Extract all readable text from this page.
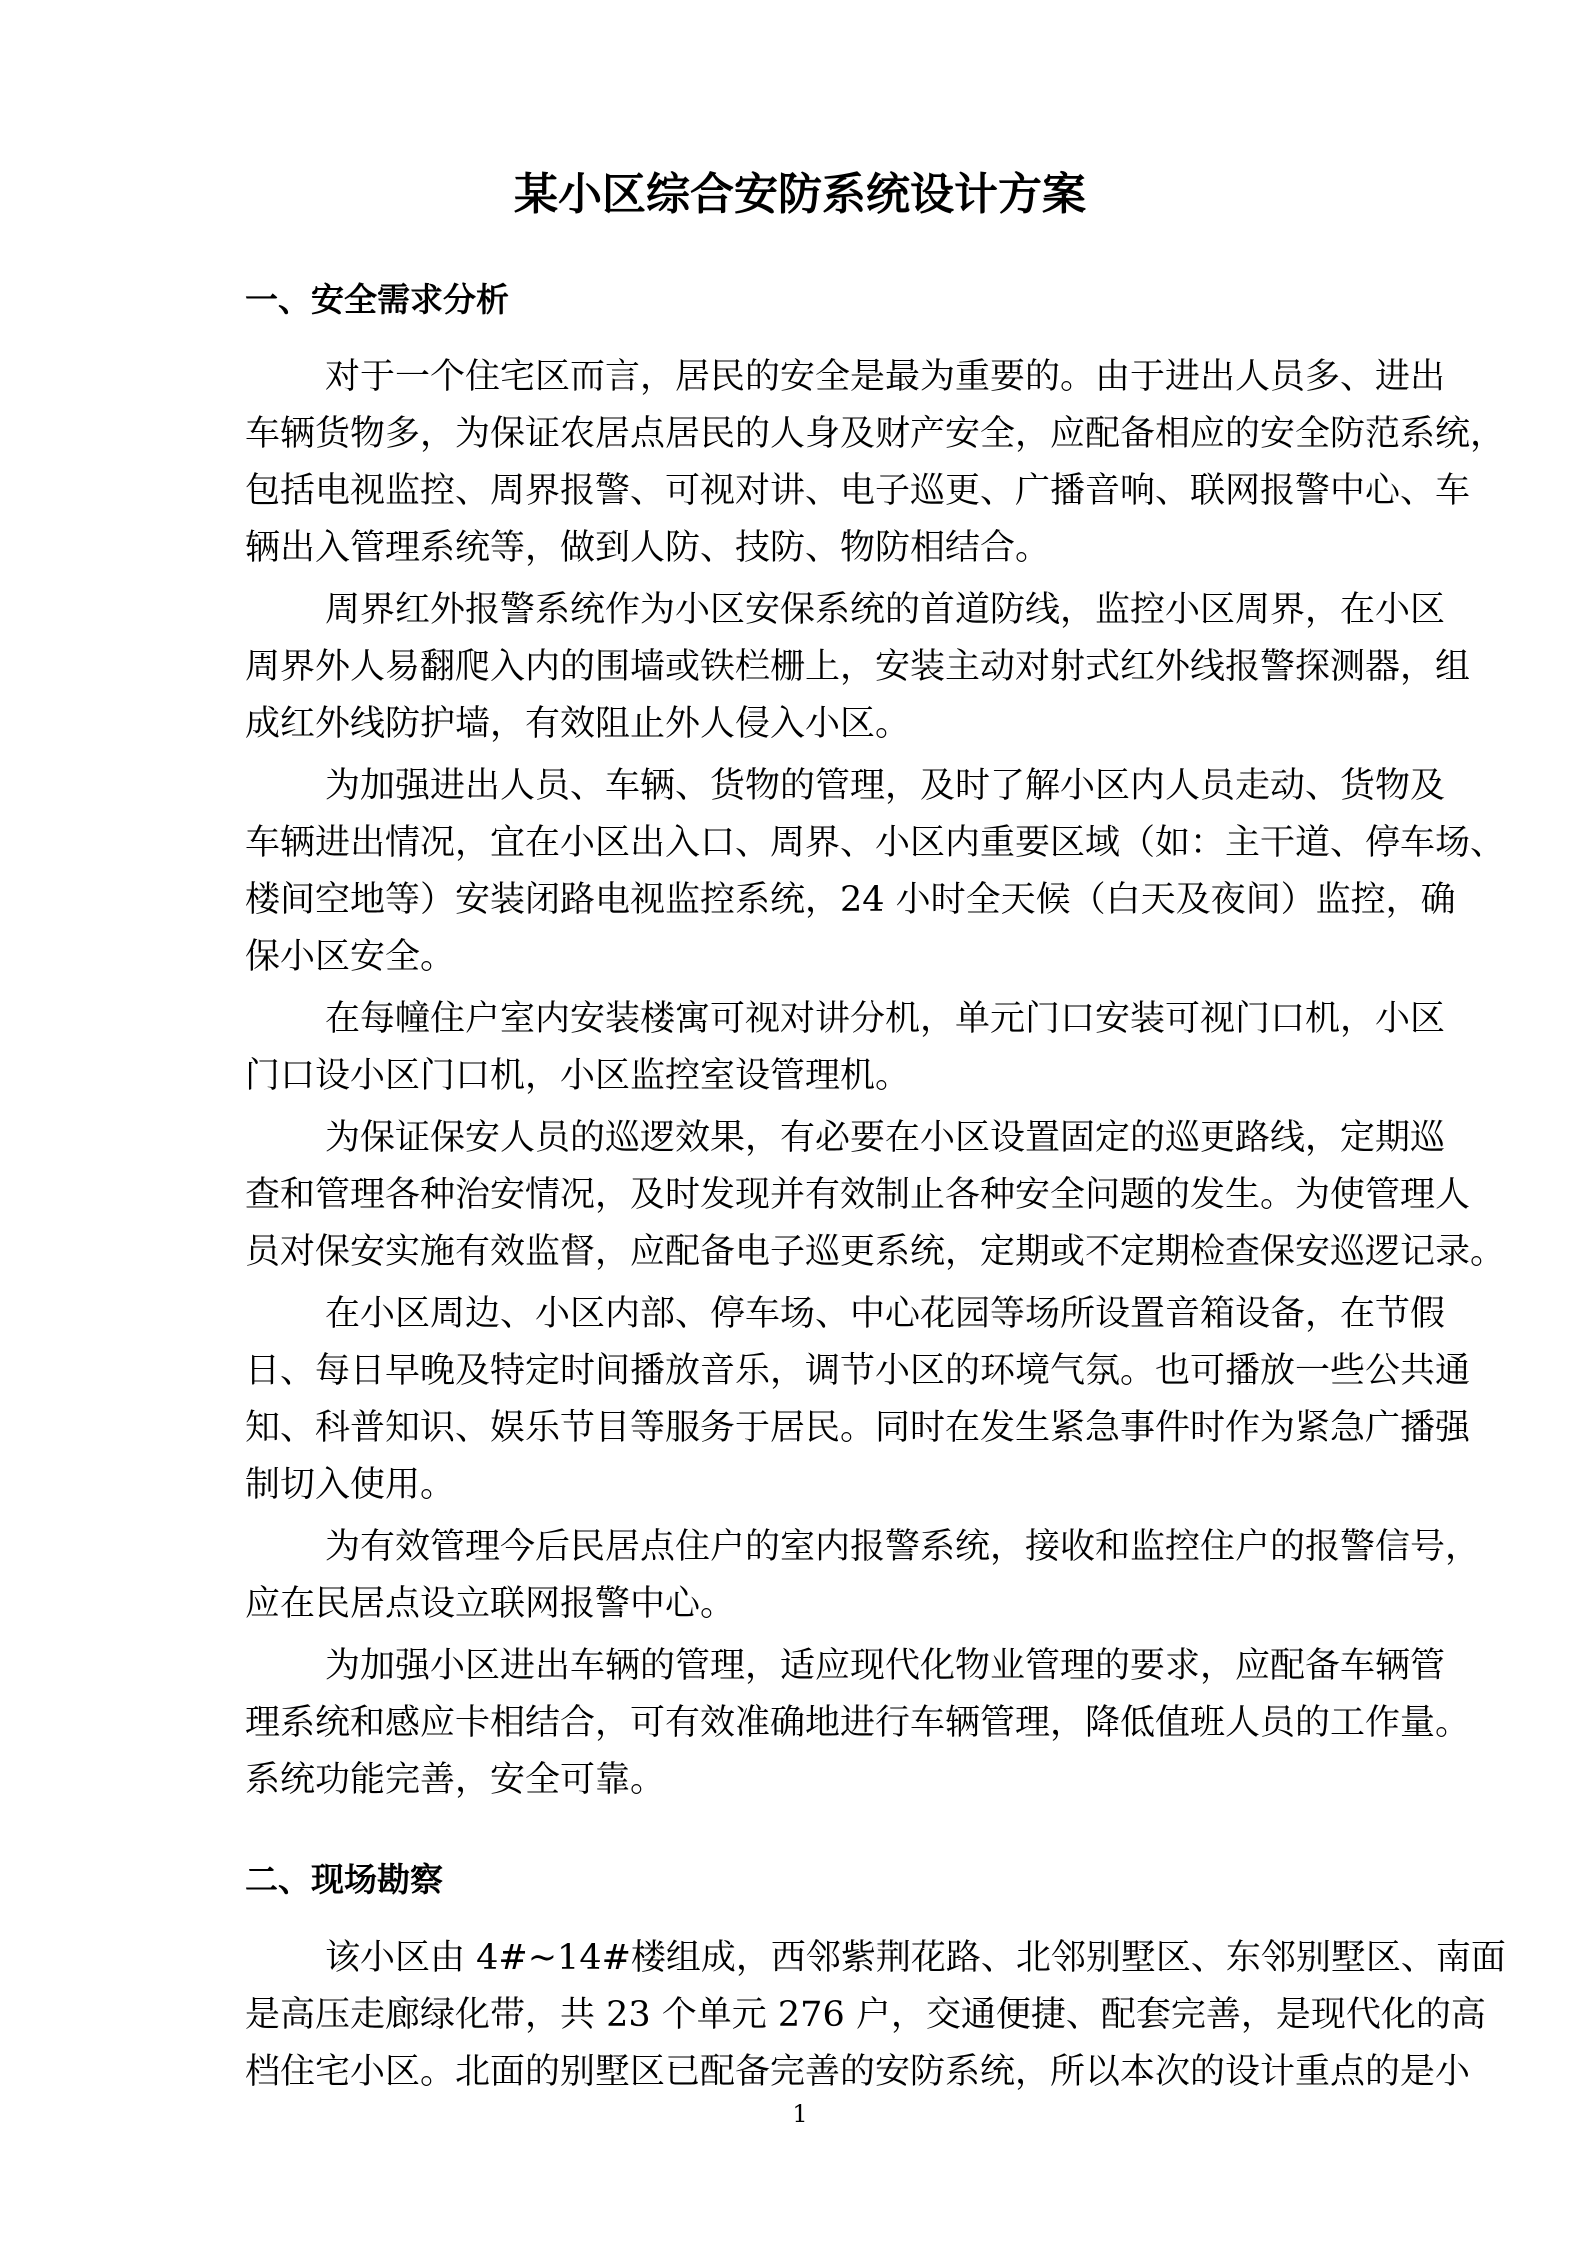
某小区综合安防系统设计方案
一、安全需求分析
对于一个住宅区而言，居民的安全是最为重要的。由于进出人员多、进出
车辆货物多，为保证农居点居民的人身及财产安全，应配备相应的安全防范系统，
包括电视监控、周界报警、可视对讲、电子巡更、广播音响、联网报警中心、车
辆出入管理系统等，做到人防、技防、物防相结合。
周界红外报警系统作为小区安保系统的首道防线，监控小区周界，在小区
周界外人易翻爬入内的围墙或铁栏栅上，安装主动对射式红外线报警探测器，组
成红外线防护墙，有效阻止外人侵入小区。
为加强进出人员、车辆、货物的管理，及时了解小区内人员走动、货物及
车辆进出情况，宜在小区出入口、周界、小区内重要区域（如：主干道、停车场、
楼间空地等）安装闭路电视监控系统，24 小时全天候（白天及夜间）监控，确
保小区安全。
在每幢住户室内安装楼寓可视对讲分机，单元门口安装可视门口机，小区
门口设小区门口机，小区监控室设管理机。
为保证保安人员的巡逻效果，有必要在小区设置固定的巡更路线，定期巡
查和管理各种治安情况，及时发现并有效制止各种安全问题的发生。为使管理人
员对保安实施有效监督，应配备电子巡更系统，定期或不定期检查保安巡逻记录。
在小区周边、小区内部、停车场、中心花园等场所设置音箱设备，在节假
日、每日早晚及特定时间播放音乐，调节小区的环境气氛。也可播放一些公共通
知、科普知识、娱乐节目等服务于居民。同时在发生紧急事件时作为紧急广播强
制切入使用。
为有效管理今后民居点住户的室内报警系统，接收和监控住户的报警信号，
应在民居点设立联网报警中心。
为加强小区进出车辆的管理，适应现代化物业管理的要求，应配备车辆管
理系统和感应卡相结合，可有效准确地进行车辆管理，降低值班人员的工作量。
系统功能完善，安全可靠。
二、现场勘察
该小区由 4#~14#楼组成，西邻紫荆花路、北邻别墅区、东邻别墅区、南面
是高压走廊绿化带，共 23 个单元 276 户，交通便捷、配套完善，是现代化的高
档住宅小区。北面的别墅区已配备完善的安防系统，所以本次的设计重点的是小
1
